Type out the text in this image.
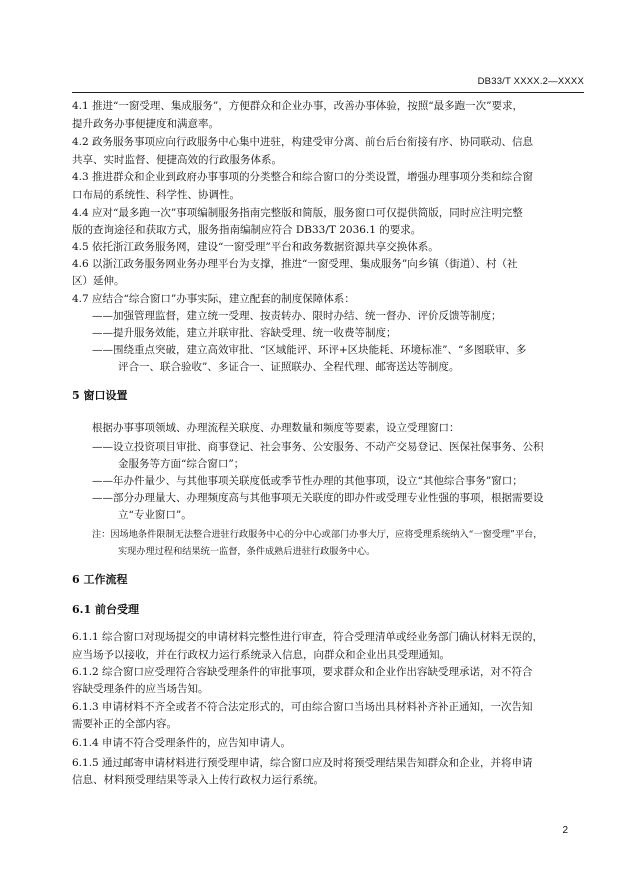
DB33/T XXXX.2—XXXX
4.1 推进“一窗受理、集成服务”，方便群众和企业办事，改善办事体验，按照“最多跑一次”要求，
提升政务办事便捷度和满意率。
4.2 政务服务事项应向行政服务中心集中进驻，构建受审分离、前台后台衔接有序、协同联动、信息
共享、实时监督、便捷高效的行政服务体系。
4.3 推进群众和企业到政府办事事项的分类整合和综合窗口的分类设置，增强办理事项分类和综合窗
口布局的系统性、科学性、协调性。
4.4 应对“最多跑一次”事项编制服务指南完整版和简版，服务窗口可仅提供简版，同时应注明完整
版的查询途径和获取方式，服务指南编制应符合 DB33/T 2036.1 的要求。
4.5 依托浙江政务服务网，建设“一窗受理”平台和政务数据资源共享交换体系。
4.6 以浙江政务服务网业务办理平台为支撑，推进“一窗受理、集成服务”向乡镇（街道）、村（社
区）延伸。
4.7 应结合“综合窗口”办事实际，建立配套的制度保障体系：
——加强管理监督，建立统一受理、按责转办、限时办结、统一督办、评价反馈等制度；
——提升服务效能，建立并联审批、容缺受理、统一收费等制度；
——围绕重点突破，建立高效审批、“区域能评、环评+区块能耗、环境标准”、“多图联审、多
评合一、联合验收”、多证合一、证照联办、全程代理、邮寄送达等制度。
5 窗口设置
根据办事事项领域、办理流程关联度、办理数量和频度等要素，设立受理窗口：
——设立投资项目审批、商事登记、社会事务、公安服务、不动产交易登记、医保社保事务、公积
金服务等方面“综合窗口”；
——年办件量少、与其他事项关联度低或季节性办理的其他事项，设立“其他综合事务”窗口；
——部分办理量大、办理频度高与其他事项无关联度的即办件或受理专业性强的事项，根据需要设
立“专业窗口”。
注：因场地条件限制无法整合进驻行政服务中心的分中心或部门办事大厅，应将受理系统纳入“一窗受理”平台，
实现办理过程和结果统一监督，条件成熟后进驻行政服务中心。
6 工作流程
6.1 前台受理
6.1.1 综合窗口对现场提交的申请材料完整性进行审查，符合受理清单或经业务部门确认材料无误的，
应当场予以接收，并在行政权力运行系统录入信息，向群众和企业出具受理通知。
6.1.2 综合窗口应受理符合容缺受理条件的审批事项，要求群众和企业作出容缺受理承诺，对不符合
容缺受理条件的应当场告知。
6.1.3 申请材料不齐全或者不符合法定形式的，可由综合窗口当场出具材料补齐补正通知，一次告知
需要补正的全部内容。
6.1.4 申请不符合受理条件的，应告知申请人。
6.1.5 通过邮寄申请材料进行预受理申请，综合窗口应及时将预受理结果告知群众和企业，并将申请
信息、材料预受理结果等录入上传行政权力运行系统。
2
